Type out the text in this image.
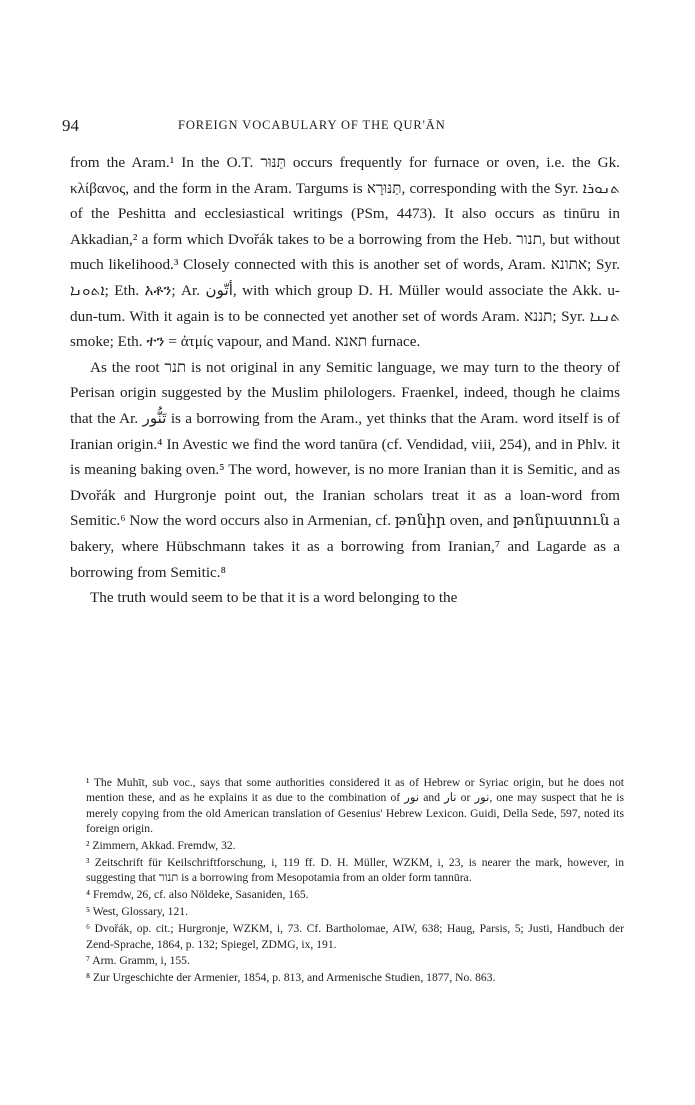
94	FOREIGN VOCABULARY OF THE QUR'ĀN

from the Aram.¹ In the O.T. תַּנּוּר occurs frequently for furnace or oven, i.e. the Gk. κλίβανος, and the form in the Aram. Targums is תַּנּוּרָא, corresponding with the Syr. ܬܢܘܪܐ of the Peshitta and ecclesiastical writings (PSm, 4473). It also occurs as tinūru in Akkadian,² a form which Dvořák takes to be a borrowing from the Heb. תנור, but without much likelihood.³ Closely connected with this is another set of words, Aram. אתונא; Syr. ܐܬܘܢܐ; Eth. አቶን; Ar. أتّون, with which group D. H. Müller would associate the Akk. u-dun-tum. With it again is to be connected yet another set of words Aram. תננא; Syr. ܬܢܢܐ smoke; Eth. ተን = ἀτμίς vapour, and Mand. תאנא furnace.

As the root תנר is not original in any Semitic language, we may turn to the theory of Perisan origin suggested by the Muslim philologers. Fraenkel, indeed, though he claims that the Ar. تَنُّور is a borrowing from the Aram., yet thinks that the Aram. word itself is of Iranian origin.⁴ In Avestic we find the word tanūra (cf. Vendidad, viii, 254), and in Phlv. it is meaning baking oven.⁵ The word, however, is no more Iranian than it is Semitic, and as Dvořák and Hurgronje point out, the Iranian scholars treat it as a loan-word from Semitic.⁶ Now the word occurs also in Armenian, cf. թոնիր oven, and թոնրատուն a bakery, where Hübschmann takes it as a borrowing from Iranian,⁷ and Lagarde as a borrowing from Semitic.⁸

The truth would seem to be that it is a word belonging to the

¹ The Muhīt, sub voc., says that some authorities considered it as of Hebrew or Syriac origin, but he does not mention these, and as he explains it as due to the combination of نور and نار or نور, one may suspect that he is merely copying from the old American translation of Gesenius' Hebrew Lexicon. Guidi, Della Sede, 597, noted its foreign origin.

² Zimmern, Akkad. Fremdw, 32.

³ Zeitschrift für Keilschriftforschung, i, 119 ff. D. H. Müller, WZKM, i, 23, is nearer the mark, however, in suggesting that תנור is a borrowing from Mesopotamia from an older form tannūra.

⁴ Fremdw, 26, cf. also Nöldeke, Sasaniden, 165.

⁵ West, Glossary, 121.

⁶ Dvořák, op. cit.; Hurgronje, WZKM, i, 73. Cf. Bartholomae, AIW, 638; Haug, Parsis, 5; Justi, Handbuch der Zend-Sprache, 1864, p. 132; Spiegel, ZDMG, ix, 191.

⁷ Arm. Gramm, i, 155.

⁸ Zur Urgeschichte der Armenier, 1854, p. 813, and Armenische Studien, 1877, No. 863.
